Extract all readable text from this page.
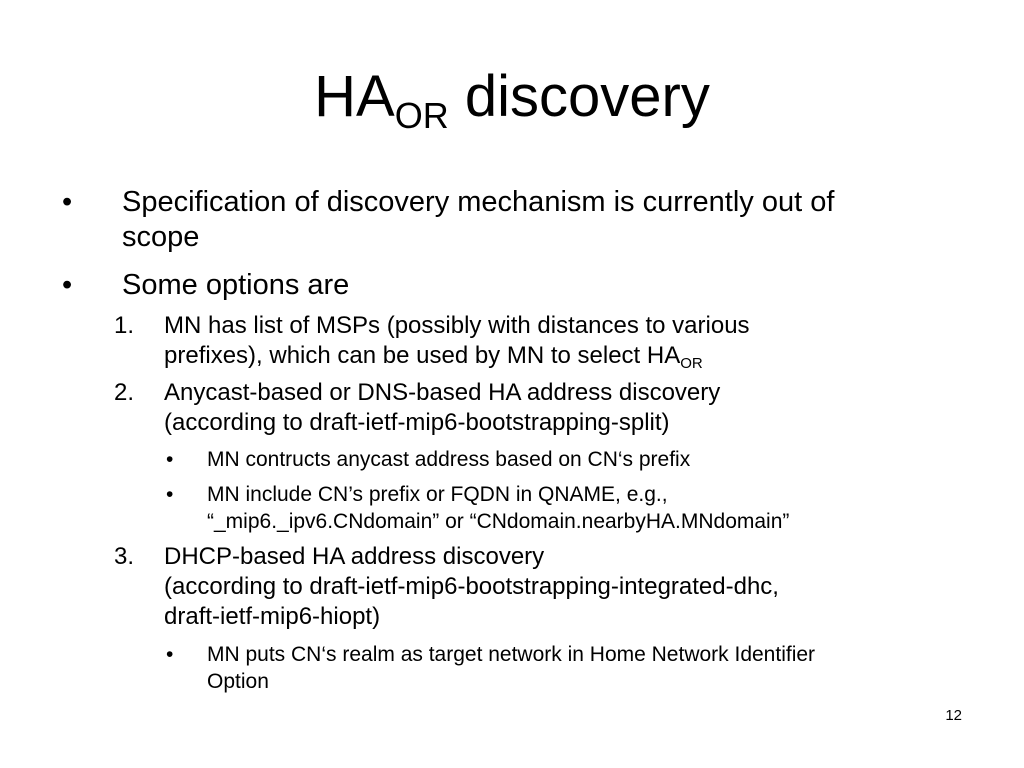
$HA_{OR}$ discovery
• Specification of discovery mechanism is currently out of
scope
• Some options are
1. MN has list of MSPs (possibly with distances to various
prefixes), which can be used by MN to select $HA_{OR}$
2. Anycast-based or DNS-based HA address discovery
(according to draft-ietf-mip6-bootstrapping-split)
• MN contructs anycast address based on CN‘s prefix
• MN include CN’s prefix or FQDN in QNAME, e.g.,
“_mip6._ipv6.CNdomain” or “CNdomain.nearbyHA.MNdomain”
3. DHCP-based HA address discovery
(according to draft-ietf-mip6-bootstrapping-integrated-dhc,
draft-ietf-mip6-hiopt)
• MN puts CN‘s realm as target network in Home Network Identifier
Option
12
